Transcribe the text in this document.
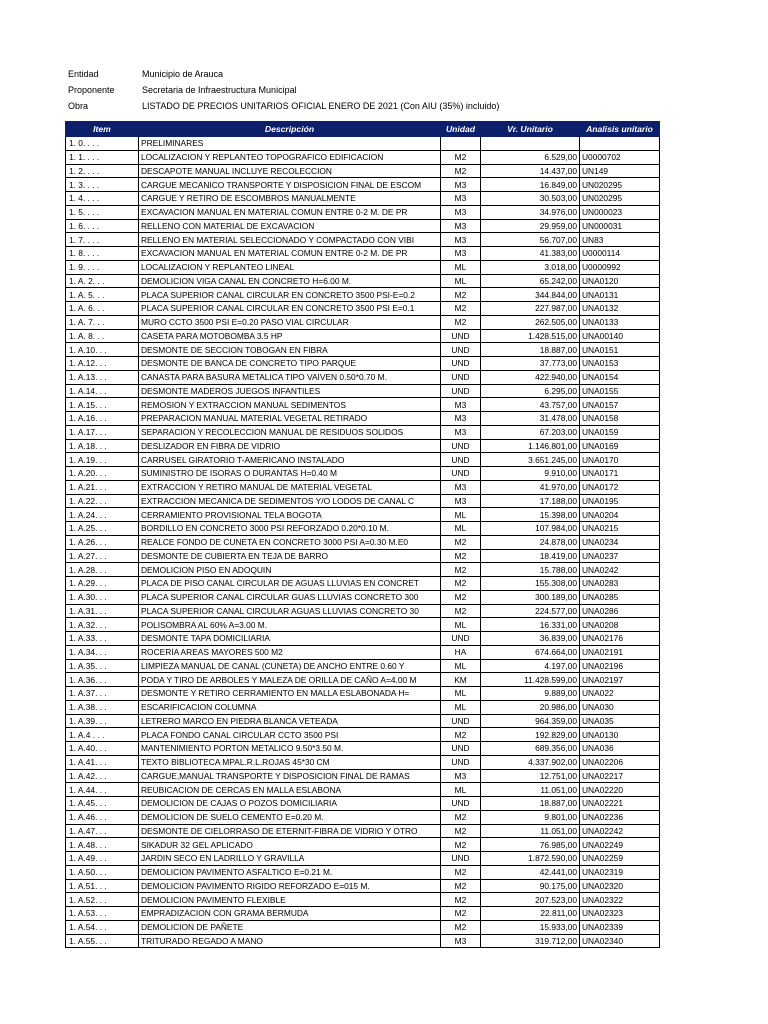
Entidad	Municipio de Arauca
Proponente	Secretaria de Infraestructura Municipal
Obra	LISTADO DE PRECIOS UNITARIOS OFICIAL ENERO DE 2021 (Con AIU (35%) incluido)
Item	Descripción	Unidad	Vr. Unitario	Analisis unitario
1. 0. . . .	PRELIMINARES			
1. 1. . . .	LOCALIZACION Y REPLANTEO TOPOGRAFICO EDIFICACION	M2	6.529,00	U0000702
1. 2. . . .	DESCAPOTE MANUAL INCLUYE RECOLECCION	M2	14.437,00	UN149
1. 3. . . .	CARGUE MECANICO TRANSPORTE Y DISPOSICION FINAL DE ESCOM	M3	16.849,00	UN020295
1. 4. . . .	CARGUE Y RETIRO DE ESCOMBROS MANUALMENTE	M3	30.503,00	UN020295
1. 5. . . .	EXCAVACION MANUAL EN MATERIAL COMUN ENTRE 0-2 M. DE PR	M3	34.976,00	UN000023
1. 6. . . .	RELLENO CON MATERIAL DE EXCAVACION	M3	29.959,00	UN000031
1. 7. . . .	RELLENO EN MATERIAL SELECCIONADO Y COMPACTADO CON VIBI	M3	56.707,00	UN83
1. 8. . . .	EXCAVACION MANUAL EN MATERIAL COMUN ENTRE 0-2 M. DE PR	M3	41.383,00	U0000114
1. 9. . . .	LOCALIZACION Y REPLANTEO LINEAL	ML	3.018,00	U0000992
1. A. 2. . .	DEMOLICION VIGA CANAL EN CONCRETO H=6.00 M.	ML	65.242,00	UNA0120
1. A. 5. . .	PLACA SUPERIOR CANAL CIRCULAR EN CONCRETO 3500 PSI-E=0.2	M2	344.844,00	UNA0131
1. A. 6. . .	PLACA SUPERIOR CANAL CIRCULAR EN CONCRETO 3500 PSI E=0.1	M2	227.987,00	UNA0132
1. A. 7. . .	MURO CCTO 3500 PSI E=0.20 PASO VIAL CIRCULAR	M2	262.505,00	UNA0133
1. A. 8. . .	CASETA PARA MOTOBOMBA 3.5 HP	UND	1.428.515,00	UNA00140
1. A.10. . .	DESMONTE DE SECCION TOBOGAN EN FIBRA	UND	18.887,00	UNA0151
1. A.12. . .	DESMONTE DE BANCA DE CONCRETO TIPO PARQUE	UND	37.773,00	UNA0153
1. A.13. . .	CANASTA PARA BASURA METALICA TIPO VAIVEN 0.50*0.70 M.	UND	422.940,00	UNA0154
1. A.14. . .	DESMONTE MADEROS JUEGOS INFANTILES	UND	6.295,00	UNA0155
1. A.15. . .	REMOSION Y EXTRACCION MANUAL SEDIMENTOS	M3	43.757,00	UNA0157
1. A.16. . .	PREPARACION MANUAL MATERIAL VEGETAL RETIRADO	M3	31.478,00	UNA0158
1. A.17. . .	SEPARACION Y RECOLECCION MANUAL DE RESIDUOS SOLIDOS	M3	67.203,00	UNA0159
1. A.18. . .	DESLIZADOR EN FIBRA DE VIDRIO	UND	1.146.801,00	UNA0169
1. A.19. . .	CARRUSEL GIRATORIO T-AMERICANO INSTALADO	UND	3.651.245,00	UNA0170
1. A.20. . .	SUMINISTRO DE ISORAS O DURANTAS H=0.40 M	UND	9.910,00	UNA0171
1. A.21. . .	EXTRACCION Y RETIRO MANUAL DE MATERIAL VEGETAL	M3	41.970,00	UNA0172
1. A.22. . .	EXTRACCION MECANICA DE SEDIMENTOS Y/O LODOS DE CANAL C	M3	17.188,00	UNA0195
1. A.24. . .	CERRAMIENTO PROVISIONAL TELA BOGOTA	ML	15.398,00	UNA0204
1. A.25. . .	BORDILLO EN CONCRETO 3000 PSI REFORZADO 0.20*0.10 M.	ML	107.984,00	UNA0215
1. A.26. . .	REALCE FONDO DE CUNETA EN CONCRETO 3000 PSI A=0.30 M.E0	M2	24.878,00	UNA0234
1. A.27. . .	DESMONTE DE CUBIERTA EN TEJA DE BARRO	M2	18.419,00	UNA0237
1. A.28. . .	DEMOLICION PISO EN ADOQUIN	M2	15.788,00	UNA0242
1. A.29. . .	PLACA DE PISO CANAL CIRCULAR DE AGUAS LLUVIAS EN CONCRET	M2	155.308,00	UNA0283
1. A.30. . .	PLACA SUPERIOR CANAL CIRCULAR GUAS LLUVIAS CONCRETO 300	M2	300.189,00	UNA0285
1. A.31. . .	PLACA SUPERIOR CANAL CIRCULAR AGUAS LLUVIAS CONCRETO 30	M2	224.577,00	UNA0286
1. A.32. . .	POLISOMBRA AL 60% A=3.00 M.	ML	16.331,00	UNA0208
1. A.33. . .	DESMONTE TAPA DOMICILIARIA	UND	36.839,00	UNA02176
1. A.34. . .	ROCERIA AREAS MAYORES 500 M2	HA	674.664,00	UNA02191
1. A.35. . .	LIMPIEZA MANUAL DE CANAL (CUNETA) DE ANCHO ENTRE 0.60 Y	ML	4.197,00	UNA02196
1. A.36. . .	PODA Y TIRO DE ARBOLES Y MALEZA DE ORILLA DE CAÑO A=4.00 M	KM	11.428.599,00	UNA02197
1. A.37. . .	DESMONTE Y RETIRO CERRAMIENTO EN MALLA ESLABONADA H=	ML	9.889,00	UNA022
1. A.38. . .	ESCARIFICACION COLUMNA	ML	20.986,00	UNA030
1. A.39. . .	LETRERO MARCO EN PIEDRA BLANCA VETEADA	UND	964.359,00	UNA035
1. A.4 . . .	PLACA FONDO CANAL CIRCULAR CCTO 3500 PSI	M2	192.829,00	UNA0130
1. A.40. . .	MANTENIMIENTO PORTON METALICO 9.50*3.50 M.	UND	689.356,00	UNA036
1. A.41. . .	TEXTO BIBLIOTECA MPAL.R.L.ROJAS 45*30 CM	UND	4.337.902,00	UNA02206
1. A.42. . .	CARGUE,MANUAL TRANSPORTE Y DISPOSICION FINAL DE RAMAS	M3	12.751,00	UNA02217
1. A.44. . .	REUBICACION DE CERCAS EN MALLA ESLABONA	ML	11.051,00	UNA02220
1. A.45. . .	DEMOLICION DE CAJAS O POZOS DOMICILIARIA	UND	18.887,00	UNA02221
1. A.46. . .	DEMOLICION DE SUELO CEMENTO E=0.20 M.	M2	9.801,00	UNA02236
1. A.47. . .	DESMONTE DE CIELORRASO DE ETERNIT-FIBRA DE VIDRIO Y OTRO	M2	11.051,00	UNA02242
1. A.48. . .	SIKADUR 32 GEL APLICADO	M2	76.985,00	UNA02249
1. A.49. . .	JARDIN SECO EN LADRILLO Y GRAVILLA	UND	1.872.590,00	UNA02259
1. A.50. . .	DEMOLICION PAVIMENTO ASFALTICO E=0.21 M.	M2	42.441,00	UNA02319
1. A.51. . .	DEMOLICION PAVIMENTO RIGIDO REFORZADO E=015 M.	M2	90.175,00	UNA02320
1. A.52. . .	DEMOLICION PAVIMENTO FLEXIBLE	M2	207.523,00	UNA02322
1. A.53. . .	EMPRADIZACION CON GRAMA BERMUDA	M2	22.811,00	UNA02323
1. A.54. . .	DEMOLICION DE PAÑETE	M2	15.933,00	UNA02339
1. A.55. . .	TRITURADO REGADO A MANO	M3	319.712,00	UNA02340
